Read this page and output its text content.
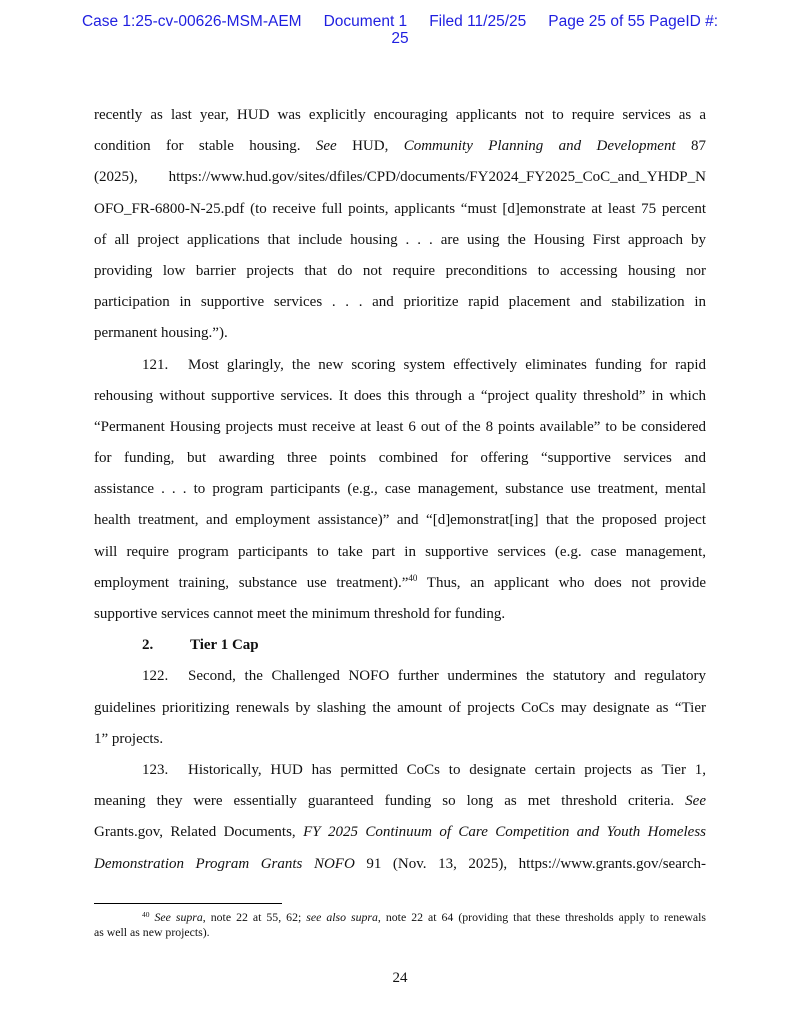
Case 1:25-cv-00626-MSM-AEM Document 1 Filed 11/25/25 Page 25 of 55 PageID #:
25
recently as last year, HUD was explicitly encouraging applicants not to require services as a
condition for stable housing. See HUD, Community Planning and Development 87
(2025), https://www.hud.gov/sites/dfiles/CPD/documents/FY2024_FY2025_CoC_and_YHDP_N
OFO_FR-6800-N-25.pdf (to receive full points, applicants “must [d]emonstrate at least 75 percent
of all project applications that include housing . . . are using the Housing First approach by
providing low barrier projects that do not require preconditions to accessing housing nor
participation in supportive services . . . and prioritize rapid placement and stabilization in
permanent housing.”).
121. Most glaringly, the new scoring system effectively eliminates funding for rapid
rehousing without supportive services. It does this through a “project quality threshold” in which
“Permanent Housing projects must receive at least 6 out of the 8 points available” to be considered
for funding, but awarding three points combined for offering “supportive services and
assistance . . . to program participants (e.g., case management, substance use treatment, mental
health treatment, and employment assistance)” and “[d]emonstrat[ing] that the proposed project
will require program participants to take part in supportive services (e.g. case management,
employment training, substance use treatment).”$^{40}$ Thus, an applicant who does not provide
supportive services cannot meet the minimum threshold for funding.
2. Tier 1 Cap
122. Second, the Challenged NOFO further undermines the statutory and regulatory
guidelines prioritizing renewals by slashing the amount of projects CoCs may designate as “Tier
1” projects.
123. Historically, HUD has permitted CoCs to designate certain projects as Tier 1,
meaning they were essentially guaranteed funding so long as met threshold criteria. See
Grants.gov, Related Documents, FY 2025 Continuum of Care Competition and Youth Homeless
Demonstration Program Grants NOFO 91 (Nov. 13, 2025), https://www.grants.gov/search-
$^{40}$ See supra, note 22 at 55, 62; see also supra, note 22 at 64 (providing that these thresholds apply to renewals
as well as new projects).
24
